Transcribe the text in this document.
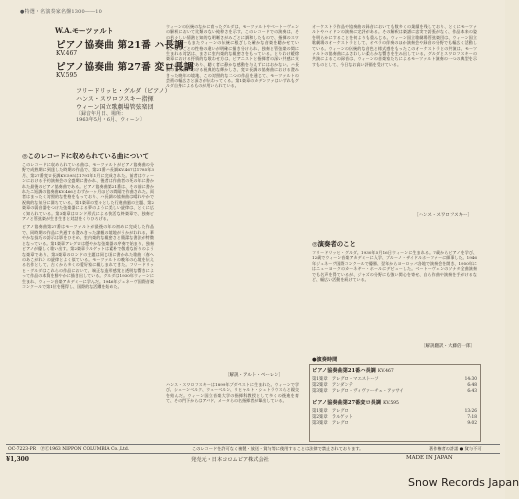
●特選・名演奏家名盤1300――10
W.A.モーツァルト
ピアノ協奏曲 第21番 ハ長調
KV.467
ピアノ協奏曲 第27番 変ロ長調
KV.595
フリードリッヒ・グルダ（ピアノ）
ハンス・スワロフスキー指揮
ウィーン国立歌劇場管弦楽団
〔録音年月日、場所：
1963年5月・6月、ウィーン〕
◎このレコードに収められている曲について

このレコードに収められている曲は、モーツァルトがピアノ協奏曲の分野で成熟期に到達した時期の作品で、第21番ハ長調KV.467は1785年3月、第27番変ロ長調KV.595は1791年1月に完成された。前者はウィーンにおける予約演奏会の全盛期に書かれ、後者は作曲者の死の年に書かれた最後のピアノ協奏曲である。ピアノ協奏曲第21番は、その前に書かれたニ短調の協奏曲KV.466とわずか一ヶ月ほどの間隔で作曲された。両者はまったく対照的な性格をもっており、ハ長調の協奏曲は晴れやかで祝典的な気分に満ちている。第1楽章の堂々とした行進曲風の主題、第2楽章の弱音器をつけた弦楽器による夢のように美しい旋律は、とくに広く知られている。第3楽章はロンド形式による快活な終楽章で、独奏ピアノと管弦楽が生き生きと対話をくりひろげる。

ピアノ協奏曲第27番はモーツァルトが最後の年の初めに完成した作品で、同時期の作品に共通する澄みきった諦観の境地がうかがわれる。華やかな技巧の誇示は影をひそめ、室内楽的な親密さと簡潔な書法が特徴となっている。第1楽章アレグロは穏やかな弦楽器の序奏で始まり、独奏ピアノが優しく歌い出す。第2楽章ラルゲットは素朴で敬虔な祈りのような楽章であり、第3楽章のロンドの主題は同じ頃に書かれた歌曲〈春へのあこがれ〉の旋律とよく似ている。モーツァルトの晩年の心境を伝える名作として、古くから多くの愛好家に親しまれてきた。フリードリッヒ・グルダはこれらの作品において、端正な造形感覚と透明な響きによって作品の本質を鮮やかに描き出している。グルダは1930年ウィーンに生まれ、ウィーン音楽アカデミーに学んだ。1946年ジュネーヴ国際音楽コンクールで第1位を獲得し、国際的な活躍を始めた。

ウィーンの伝統のなかに育ったグルダは、モーツァルトやベートーヴェンの解釈において比類のない純粋さを示す。このレコードでの演奏は、その若々しい情熱と知的な明晰さがみごとに調和したもので、指揮のスワロフスキーもまたウィーンの伝統に根ざした確かな音楽を聴かせている。楽章ごとの性格の違いが明確に描き分けられ、独奏と管弦楽の間に生まれる対話は、まさに室内楽的な親密さをもっている。とりわけ緩徐楽章における抒情的な歌わせ方は、ピアニストと指揮者の深い共感に支えられたものであり、聴く者に静かな感動を与えずにはおかない。ハ長調の協奏曲における祝典的な輝かしさ、変ロ長調の協奏曲における澄みきった晩年の境地、この対照的な二つの作品を通じて、モーツァルトの芸術の幅広さと深さが伝わってくる。第1楽章のカデンツァはいずれもグルダ自身によるものが用いられている。

〔解説・アルト・ベーレン〕

ハンス・スワロフスキーは1899年ブダペストに生まれた。ウィーンで学び、シェーンベルク、ウェーベルン、リヒャルト・シュトラウスらと親交を結んだ。ウィーン国立音楽大学の指揮科教授として多くの後進を育て、その門下からはアバド、メータらの名指揮者が輩出している。

オーケストラ作品や協奏曲の録音においても数多くの業績を残しており、とくにモーツァルトやハイドンの演奏に定評がある。その解釈は楽譜に忠実で誇張がなく、作品本来の姿を明らかにすることを何よりも重んじる。ウィーン国立歌劇場管弦楽団は、ウィーン国立歌劇場のオーケストラとして、オペラの伴奏のほか演奏会や録音の分野でも幅広く活動している。ウィーンの伝統的な音色と様式感をもったこのオーケストラとの共演は、モーツァルトの協奏曲にふさわしい柔らかな響きを生み出している。グルダとスワロフスキーの共演によるこの録音は、ウィーンの音楽家たちによるモーツァルト演奏の一つの典型を示すものとして、今日なお高い評価を受けている。

〔ハンス・スワロフスキー〕
◎演奏者のこと

フリードリッヒ・グルダ。1930年5月16日ウィーンに生まれる。7歳からピアノを学び、12歳でウィーン音楽アカデミーに入学、ブルーノ・ザイドルホーファーに師事した。1946年ジュネーヴ国際コンクールで優勝、翌年からヨーロッパ各地で演奏会を開き、1950年にはニューヨークのカーネギー・ホールにデビューした。ベートーヴェンのソナタ全曲演奏でも名声を得ているが、ジャズの分野にも強い関心を寄せ、自ら作曲や演奏を手がけるなど、幅広い活動を続けている。

〔解説翻訳・大藤倍一郎〕
●演奏時間
ピアノ協奏曲第21番ハ長調 KV.467
第1楽章　アレグロ・マエストーソ	14:30
第2楽章　アンダンテ	6:48
第3楽章　アレグロ・ヴィヴァーチェ・アッサイ	6:43
ピアノ協奏曲第27番変ロ長調 KV.595
第1楽章　アレグロ	13:26
第2楽章　ラルゲット	7:18
第3楽章　アレグロ	9:02
OC-7223-PR ⓅⒸ1963 NIPPON COLUMBIA Co.,Ltd.	このレコードを許可なく複製・放送・貸与等に使用することは法律で禁止されております。	著作権者の許諾 ● 貸与不可
¥1,300	発売元・日本コロムビア株式会社	MADE IN JAPAN
Snow Records Japan
